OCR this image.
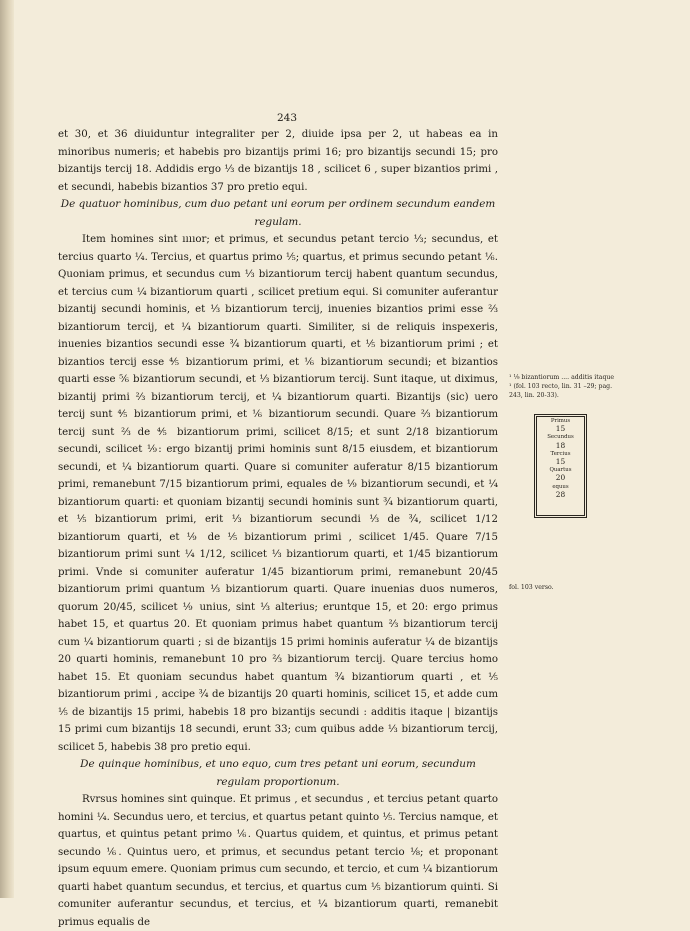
243

et 30, et 36 diuiduntur integraliter per 2, diuide ipsa per 2, ut habeas ea in minoribus numeris; et habebis pro bizantijs primi 16; pro bizantijs secundi 15; pro bizantijs tercij 18. Addidis ergo ⅓ de bizantijs 18 , scilicet 6 , super bizantios primi , et secundi, habebis bizantios 37 pro pretio equi.

De quatuor hominibus, cum duo petant uni eorum per ordinem secundum eandem regulam.

Item homines sint ııııor; et primus, et secundus petant tercio ⅓; secundus, et tercius quarto ¼. Tercius, et quartus primo ⅕; quartus, et primus secundo petant ⅙. Quoniam primus, et secundus cum ⅓ bizantiorum tercij habent quantum secundus, et tercius cum ¼ bizantiorum quarti , scilicet pretium equi. Si comuniter auferantur bizantij secundi hominis, et ⅓ bizantiorum tercij, inuenies bizantios primi esse ⅔ bizantiorum tercij, et ¼ bizantiorum quarti. Similiter, si de reliquis inspexeris, inuenies bizantios secundi esse ¾ bizantiorum quarti, et ⅕ bizantiorum primi ; et bizantios tercij esse ⅘ bizantiorum primi, et ⅙ bizantiorum secundi; et bizantios quarti esse ⅚ bizantiorum secundi, et ⅓ bizantiorum tercij. Sunt itaque, ut diximus, bizantij primi ⅔ bizantiorum tercij, et ¼ bizantiorum quarti. Bizantijs (sic) uero tercij sunt ⅘ bizantiorum primi, et ⅙ bizantiorum secundi. Quare ⅔ bizantiorum tercij sunt ⅔ de ⅘ bizantiorum primi, scilicet 8/15; et sunt 2/18 bizantiorum secundi, scilicet ⅑: ergo bizantij primi hominis sunt 8/15 eiusdem, et bizantiorum secundi, et ¼ bizantiorum quarti. Quare si comuniter auferatur 8/15 bizantiorum primi, remanebunt 7/15 bizantiorum primi, equales de ⅑ bizantiorum secundi, et ¼ bizantiorum quarti: et quoniam bizantij secundi hominis sunt ¾ bizantiorum quarti, et ⅕ bizantiorum primi, erit ⅓ bizantiorum secundi ⅓ de ¾, scilicet 1/12 bizantiorum quarti, et ⅑ de ⅕ bizantiorum primi , scilicet 1/45. Quare 7/15 bizantiorum primi sunt ¼ 1/12, scilicet ⅓ bizantiorum quarti, et 1/45 bizantiorum primi. Vnde si comuniter auferatur 1/45 bizantiorum primi, remanebunt 20/45 bizantiorum primi quantum ⅓ bizantiorum quarti. Quare inuenias duos numeros, quorum 20/45, scilicet ⅑ unius, sint ⅓ alterius; eruntque 15, et 20: ergo primus habet 15, et quartus 20. Et quoniam primus habet quantum ⅔ bizantiorum tercij cum ¼ bizantiorum quarti ; si de bizantijs 15 primi hominis auferatur ¼ de bizantijs 20 quarti hominis, remanebunt 10 pro ⅔ bizantiorum tercij. Quare tercius homo habet 15. Et quoniam secundus habet quantum ¾ bizantiorum quarti , et ⅕ bizantiorum primi , accipe ¾ de bizantijs 20 quarti hominis, scilicet 15, et adde cum ⅕ de bizantijs 15 primi, habebis 18 pro bizantijs secundi : additis itaque | bizantijs 15 primi cum bizantijs 18 secundi, erunt 33; cum quibus adde ⅓ bizantiorum tercij, scilicet 5, habebis 38 pro pretio equi.

De quinque hominibus, et uno equo, cum tres petant uni eorum, secundum regulam proportionum.

Rvrsus homines sint quinque. Et primus , et secundus , et tercius petant quarto homini ¼. Secundus uero, et tercius, et quartus petant quinto ⅕. Tercius namque, et quartus, et quintus petant primo ⅙. Quartus quidem, et quintus, et primus petant secundo ⅙. Quintus uero, et primus, et secundus petant tercio ⅛; et proponant ipsum equum emere. Quoniam primus cum secundo, et tercio, et cum ¼ bizantiorum quarti habet quantum secundus, et tercius, et quartus cum ⅕ bizantiorum quinti. Si comuniter auferantur secundus, et tercius, et ¼ bizantiorum quarti, remanebit primus equalis de

¹ ⅑ bizantiorum .... additis itaque ¹ (fol. 103 recto, lin. 31 –29; pag. 243, lin. 20-33).
Primus
15
Secundus
18
Tercius
15
Quartus
20
equus
28
fol. 103 verso.
